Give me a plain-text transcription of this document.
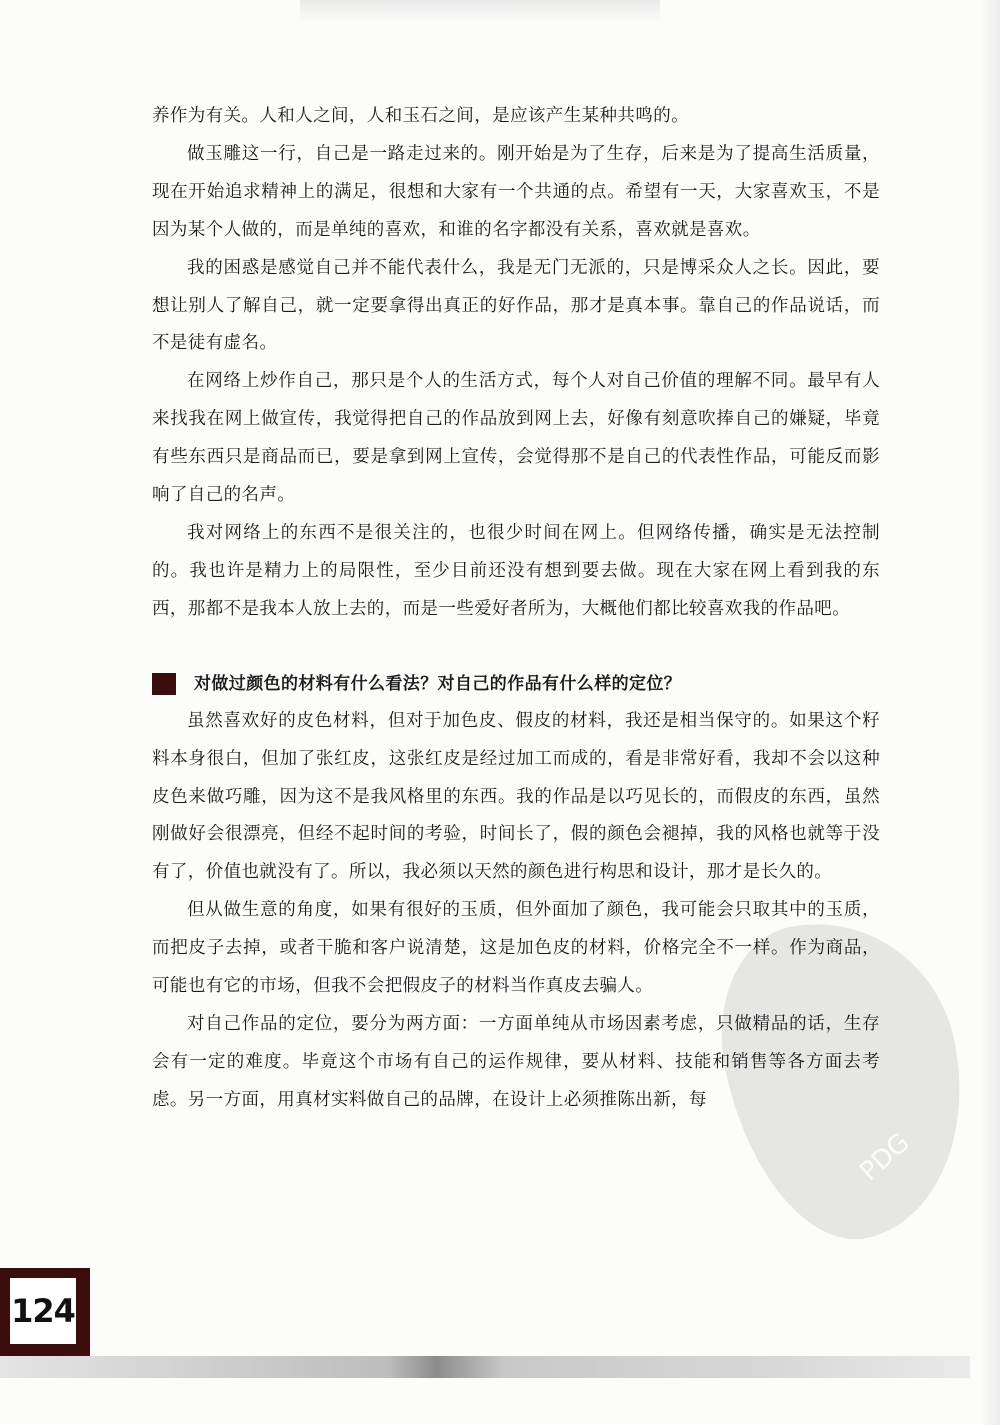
PDG

养作为有关。人和人之间，人和玉石之间，是应该产生某种共鸣的。

做玉雕这一行，自己是一路走过来的。刚开始是为了生存，后来是为了提高生活质量，现在开始追求精神上的满足，很想和大家有一个共通的点。希望有一天，大家喜欢玉，不是因为某个人做的，而是单纯的喜欢，和谁的名字都没有关系，喜欢就是喜欢。

我的困惑是感觉自己并不能代表什么，我是无门无派的，只是博采众人之长。因此，要想让别人了解自己，就一定要拿得出真正的好作品，那才是真本事。靠自己的作品说话，而不是徒有虚名。

在网络上炒作自己，那只是个人的生活方式，每个人对自己价值的理解不同。最早有人来找我在网上做宣传，我觉得把自己的作品放到网上去，好像有刻意吹捧自己的嫌疑，毕竟有些东西只是商品而已，要是拿到网上宣传，会觉得那不是自己的代表性作品，可能反而影响了自己的名声。

我对网络上的东西不是很关注的，也很少时间在网上。但网络传播，确实是无法控制的。我也许是精力上的局限性，至少目前还没有想到要去做。现在大家在网上看到我的东西，那都不是我本人放上去的，而是一些爱好者所为，大概他们都比较喜欢我的作品吧。

对做过颜色的材料有什么看法？对自己的作品有什么样的定位？

虽然喜欢好的皮色材料，但对于加色皮、假皮的材料，我还是相当保守的。如果这个籽料本身很白，但加了张红皮，这张红皮是经过加工而成的，看是非常好看，我却不会以这种皮色来做巧雕，因为这不是我风格里的东西。我的作品是以巧见长的，而假皮的东西，虽然刚做好会很漂亮，但经不起时间的考验，时间长了，假的颜色会褪掉，我的风格也就等于没有了，价值也就没有了。所以，我必须以天然的颜色进行构思和设计，那才是长久的。

但从做生意的角度，如果有很好的玉质，但外面加了颜色，我可能会只取其中的玉质，而把皮子去掉，或者干脆和客户说清楚，这是加色皮的材料，价格完全不一样。作为商品，可能也有它的市场，但我不会把假皮子的材料当作真皮去骗人。

对自己作品的定位，要分为两方面：一方面单纯从市场因素考虑，只做精品的话，生存会有一定的难度。毕竟这个市场有自己的运作规律，要从材料、技能和销售等各方面去考虑。另一方面，用真材实料做自己的品牌，在设计上必须推陈出新，每

124
